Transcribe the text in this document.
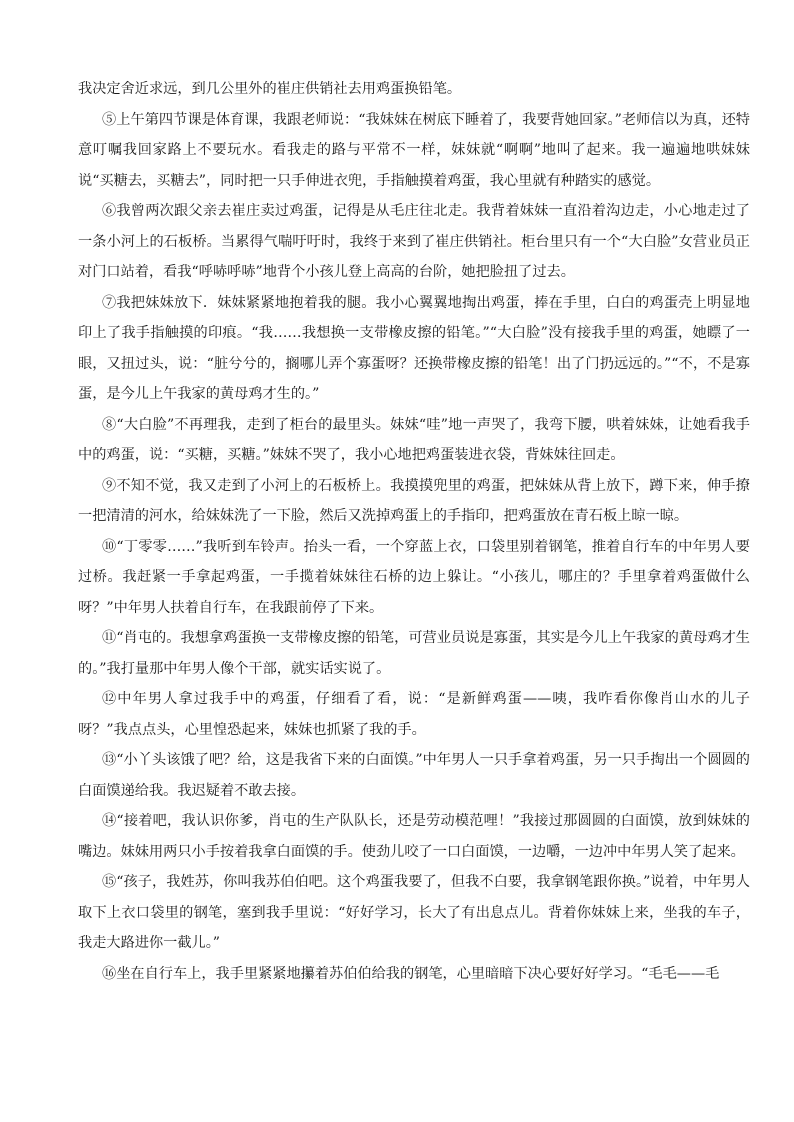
我决定舍近求远，到几公里外的崔庄供销社去用鸡蛋换铅笔。

⑤上午第四节课是体育课，我跟老师说：“我妹妹在树底下睡着了，我要背她回家。”老师信以为真，还特意叮嘱我回家路上不要玩水。看我走的路与平常不一样，妹妹就“啊啊”地叫了起来。我一遍遍地哄妹妹说“买糖去，买糖去”，同时把一只手伸进衣兜，手指触摸着鸡蛋，我心里就有种踏实的感觉。

⑥我曾两次跟父亲去崔庄卖过鸡蛋，记得是从毛庄往北走。我背着妹妹一直沿着沟边走，小心地走过了一条小河上的石板桥。当累得气喘吁吁时，我终于来到了崔庄供销社。柜台里只有一个“大白脸”女营业员正对门口站着，看我“呼哧呼哧”地背个小孩儿登上高高的台阶，她把脸扭了过去。

⑦我把妹妹放下．妹妹紧紧地抱着我的腿。我小心翼翼地掏出鸡蛋，捧在手里，白白的鸡蛋壳上明显地印上了我手指触摸的印痕。“我……我想换一支带橡皮擦的铅笔。”“大白脸”没有接我手里的鸡蛋，她瞟了一眼，又扭过头，说：“脏兮兮的，搁哪儿弄个寡蛋呀？还换带橡皮擦的铅笔！出了门扔远远的。”“不，不是寡蛋，是今儿上午我家的黄母鸡才生的。”

⑧“大白脸”不再理我，走到了柜台的最里头。妹妹“哇”地一声哭了，我弯下腰，哄着妹妹，让她看我手中的鸡蛋，说：“买糖，买糖。”妹妹不哭了，我小心地把鸡蛋装进衣袋，背妹妹往回走。

⑨不知不觉，我又走到了小河上的石板桥上。我摸摸兜里的鸡蛋，把妹妹从背上放下，蹲下来，伸手撩一把清清的河水，给妹妹洗了一下脸，然后又洗掉鸡蛋上的手指印，把鸡蛋放在青石板上晾一晾。

⑩“丁零零……”我听到车铃声。抬头一看，一个穿蓝上衣，口袋里别着钢笔，推着自行车的中年男人要过桥。我赶紧一手拿起鸡蛋，一手揽着妹妹往石桥的边上躲让。“小孩儿，哪庄的？手里拿着鸡蛋做什么呀？”中年男人扶着自行车，在我跟前停了下来。

⑪“肖屯的。我想拿鸡蛋换一支带橡皮擦的铅笔，可营业员说是寡蛋，其实是今儿上午我家的黄母鸡才生的。”我打量那中年男人像个干部，就实话实说了。

⑫中年男人拿过我手中的鸡蛋，仔细看了看，说：“是新鲜鸡蛋——咦，我咋看你像肖山水的儿子呀？”我点点头，心里惶恐起来，妹妹也抓紧了我的手。

⑬“小丫头该饿了吧？给，这是我省下来的白面馍。”中年男人一只手拿着鸡蛋，另一只手掏出一个圆圆的白面馍递给我。我迟疑着不敢去接。

⑭“接着吧，我认识你爹，肖屯的生产队队长，还是劳动模范哩！”我接过那圆圆的白面馍，放到妹妹的嘴边。妹妹用两只小手按着我拿白面馍的手。使劲儿咬了一口白面馍，一边嚼，一边冲中年男人笑了起来。

⑮“孩子，我姓苏，你叫我苏伯伯吧。这个鸡蛋我要了，但我不白要，我拿钢笔跟你换。”说着，中年男人取下上衣口袋里的钢笔，塞到我手里说：“好好学习，长大了有出息点儿。背着你妹妹上来，坐我的车子，我走大路进你一截儿。”

⑯坐在自行车上，我手里紧紧地攥着苏伯伯给我的钢笔，心里暗暗下决心要好好学习。“毛毛——毛
